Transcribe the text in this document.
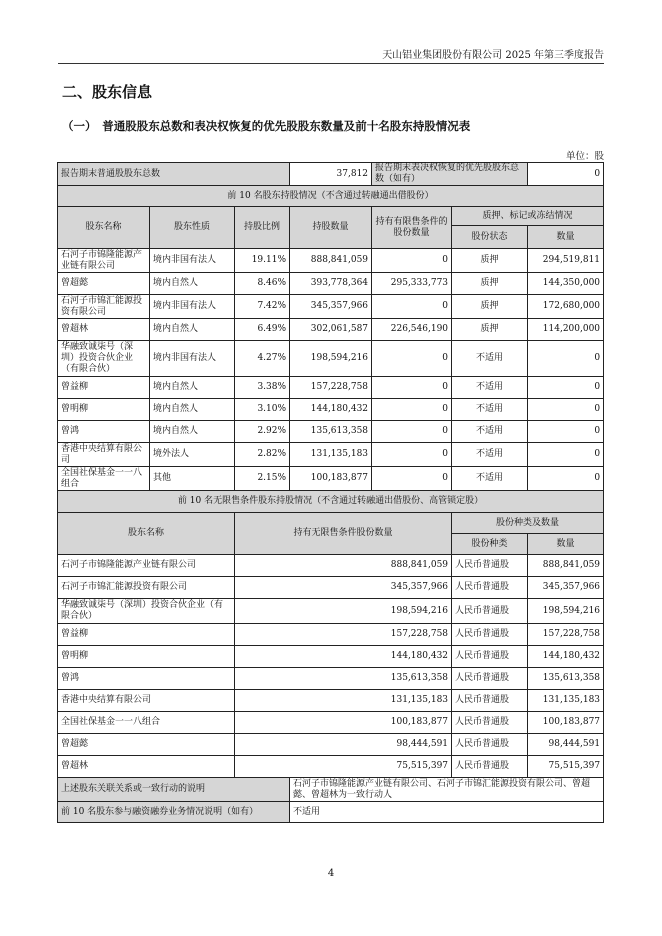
天山铝业集团股份有限公司 2025 年第三季度报告
二、股东信息
（一）　普通股股东总数和表决权恢复的优先股股东数量及前十名股东持股情况表
单位：股
报告期末普通股股东总数			37,812	报告期末表决权恢复的优先股股东总数（如有）		0
前 10 名股东持股情况（不含通过转融通出借股份）						
股东名称	股东性质	持股比例	持股数量	持有有限售条件的股份数量	质押、标记或冻结情况	
					股份状态	数量
石河子市锦隆能源产业链有限公司	境内非国有法人	19.11%	888,841,059	0	质押	294,519,811
曾超懿	境内自然人	8.46%	393,778,364	295,333,773	质押	144,350,000
石河子市锦汇能源投资有限公司	境内非国有法人	7.42%	345,357,966	0	质押	172,680,000
曾超林	境内自然人	6.49%	302,061,587	226,546,190	质押	114,200,000
华融致诚柒号（深圳）投资合伙企业（有限合伙）	境内非国有法人	4.27%	198,594,216	0	不适用	0
曾益柳	境内自然人	3.38%	157,228,758	0	不适用	0
曾明柳	境内自然人	3.10%	144,180,432	0	不适用	0
曾鸿	境内自然人	2.92%	135,613,358	0	不适用	0
香港中央结算有限公司	境外法人	2.82%	131,135,183	0	不适用	0
全国社保基金一一八组合	其他	2.15%	100,183,877	0	不适用	0
前 10 名无限售条件股东持股情况（不含通过转融通出借股份、高管锁定股）						
股东名称		持有无限售条件股份数量			股份种类及数量	
					股份种类	数量
石河子市锦隆能源产业链有限公司		888,841,059			人民币普通股	888,841,059
石河子市锦汇能源投资有限公司		345,357,966			人民币普通股	345,357,966
华融致诚柒号（深圳）投资合伙企业（有限合伙）		198,594,216			人民币普通股	198,594,216
曾益柳		157,228,758			人民币普通股	157,228,758
曾明柳		144,180,432			人民币普通股	144,180,432
曾鸿		135,613,358			人民币普通股	135,613,358
香港中央结算有限公司		131,135,183			人民币普通股	131,135,183
全国社保基金一一八组合		100,183,877			人民币普通股	100,183,877
曾超懿		98,444,591			人民币普通股	98,444,591
曾超林		75,515,397			人民币普通股	75,515,397
上述股东关联关系或一致行动的说明			石河子市锦隆能源产业链有限公司、石河子市锦汇能源投资有限公司、曾超懿、曾超林为一致行动人			
前 10 名股东参与融资融券业务情况说明（如有）			不适用			
4
